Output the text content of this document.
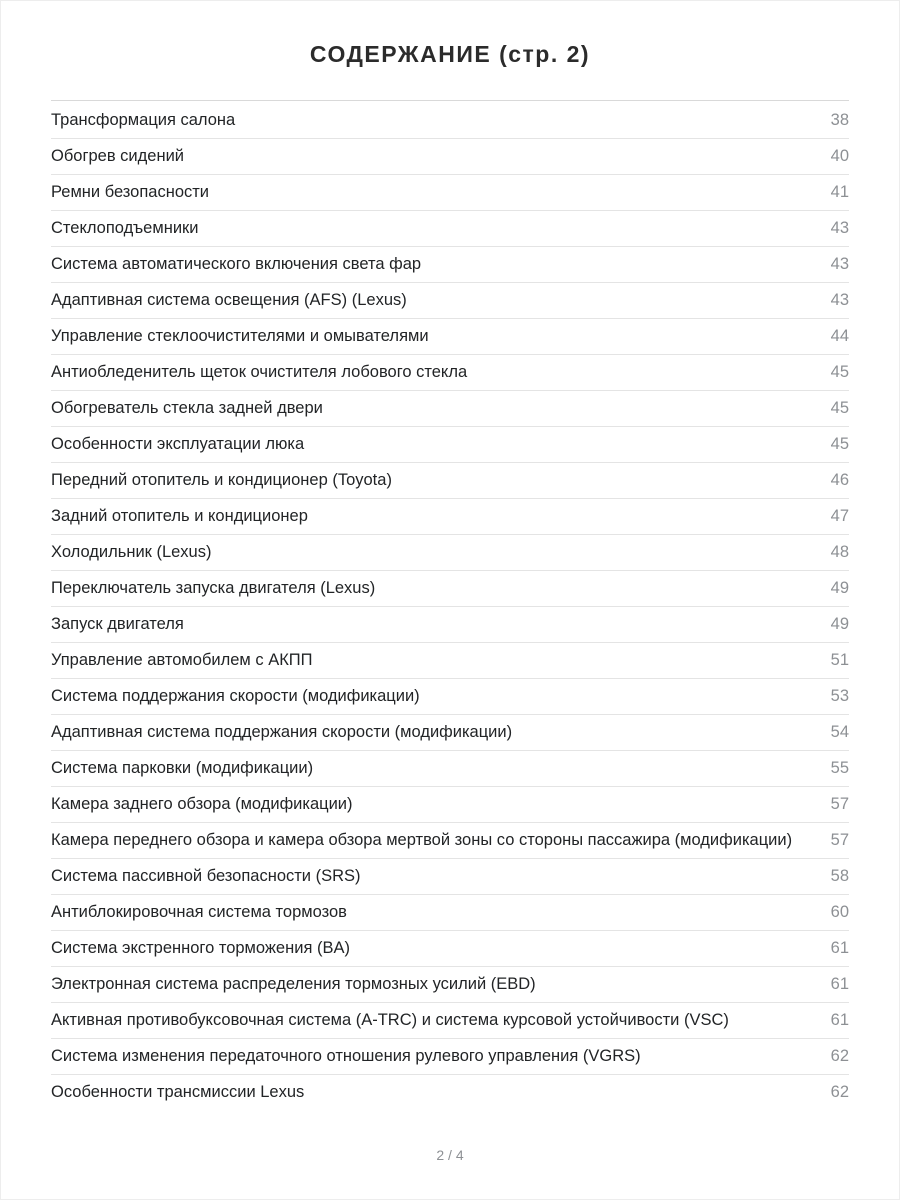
СОДЕРЖАНИЕ (стр. 2)
Трансформация салона	38
Обогрев сидений	40
Ремни безопасности	41
Стеклоподъемники	43
Система автоматического включения света фар	43
Адаптивная система освещения (AFS) (Lexus)	43
Управление стеклоочистителями и омывателями	44
Антиобледенитель щеток очистителя лобового стекла	45
Обогреватель стекла задней двери	45
Особенности эксплуатации люка	45
Передний отопитель и кондиционер (Toyota)	46
Задний отопитель и кондиционер	47
Холодильник (Lexus)	48
Переключатель запуска двигателя (Lexus)	49
Запуск двигателя	49
Управление автомобилем с АКПП	51
Система поддержания скорости (модификации)	53
Адаптивная система поддержания скорости (модификации)	54
Система парковки (модификации)	55
Камера заднего обзора (модификации)	57
Камера переднего обзора и камера обзора мертвой зоны со стороны пассажира (модификации)	57
Система пассивной безопасности (SRS)	58
Антиблокировочная система тормозов	60
Система экстренного торможения (BA)	61
Электронная система распределения тормозных усилий (EBD)	61
Активная противобуксовочная система (A-TRC) и система курсовой устойчивости (VSC)	61
Система изменения передаточного отношения рулевого управления (VGRS)	62
Особенности трансмиссии Lexus	62
2 / 4
